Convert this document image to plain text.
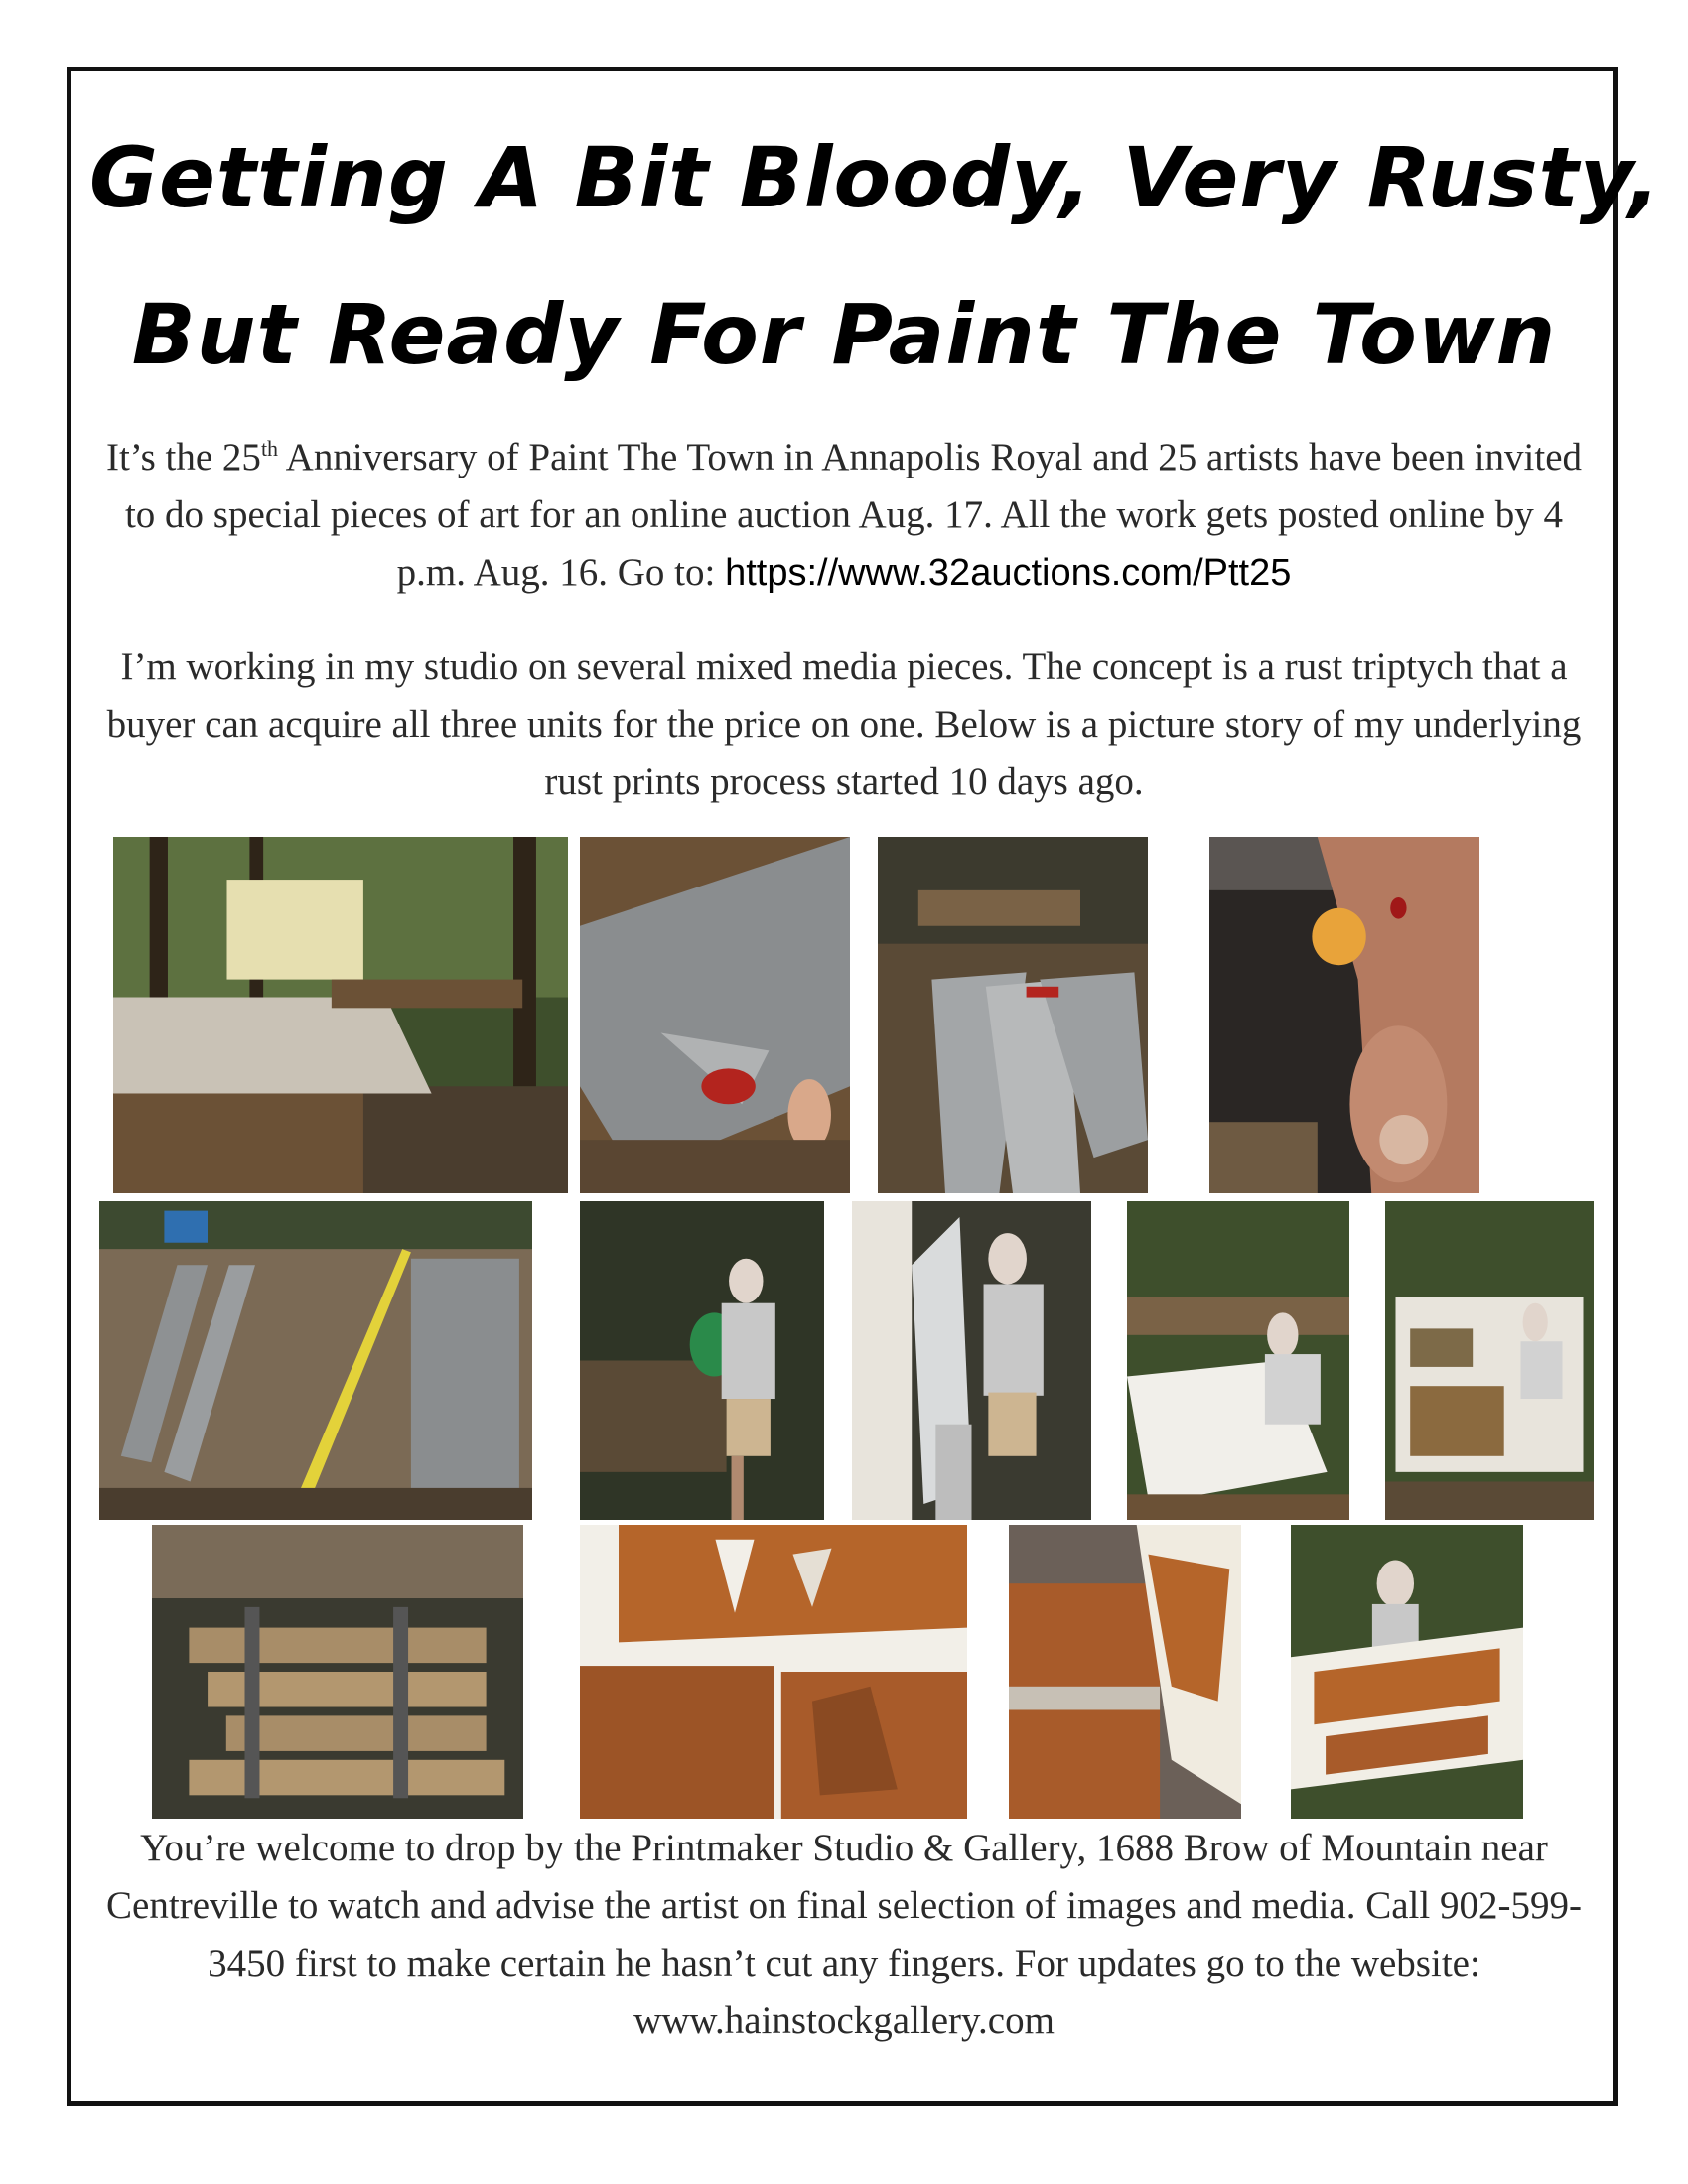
Getting A Bit Bloody, Very Rusty,
But Ready For Paint The Town
It’s the 25th Anniversary of Paint The Town in Annapolis Royal and 25 artists have been invited to do special pieces of art for an online auction Aug. 17. All the work gets posted online by 4 p.m. Aug. 16. Go to: https://www.32auctions.com/Ptt25
I’m working in my studio on several mixed media pieces. The concept is a rust triptych that a buyer can acquire all three units for the price on one. Below is a picture story of my underlying rust prints process started 10 days ago.
You’re welcome to drop by the Printmaker Studio & Gallery, 1688 Brow of Mountain near Centreville to watch and advise the artist on final selection of images and media. Call 902-599-3450 first to make certain he hasn’t cut any fingers. For updates go to the website: www.hainstockgallery.com
